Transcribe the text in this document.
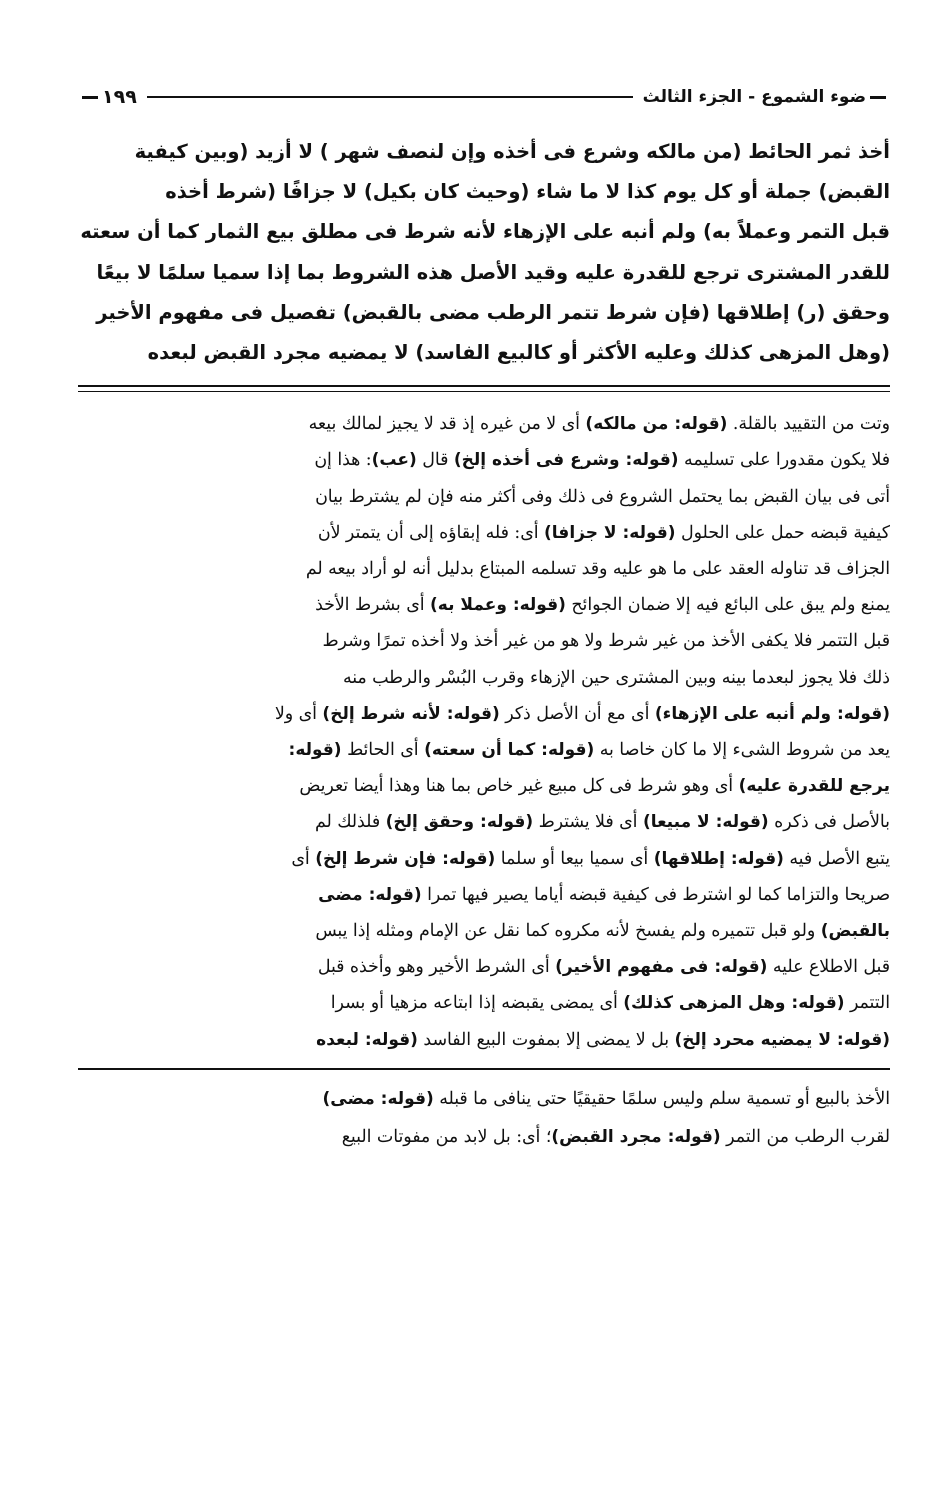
ضوء الشموع - الجزء الثالث
١٩٩
أخذ ثمر الحائط (من مالكه وشرع فى أخذه وإن لنصف شهر ) لا أزيد (وبين كيفية
القبض) جملة أو كل يوم كذا لا ما شاء (وحيث كان بكيل) لا جزافًا (شرط أخذه
قبل التمر وعملاً به) ولم أنبه على الإزهاء لأنه شرط فى مطلق بيع الثمار كما أن سعته
للقدر المشترى ترجع للقدرة عليه وقيد الأصل هذه الشروط بما إذا سميا سلمًا لا بيعًا
وحقق (ر) إطلاقها (فإن شرط تتمر الرطب مضى بالقبض) تفصيل فى مفهوم الأخير
(وهل المزهى كذلك وعليه الأكثر أو كالبيع الفاسد) لا يمضيه مجرد القبض لبعده
وتت من التقييد بالقلة. (قوله: من مالكه) أى لا من غيره إذ قد لا يجيز لمالك بيعه
فلا يكون مقدورا على تسليمه (قوله: وشرع فى أخذه إلخ) قال (عب): هذا إن
أتى فى بيان القبض بما يحتمل الشروع فى ذلك وفى أكثر منه فإن لم يشترط بيان
كيفية قبضه حمل على الحلول (قوله: لا جزافا) أى: فله إبقاؤه إلى أن يتمتر لأن
الجزاف قد تناوله العقد على ما هو عليه وقد تسلمه المبتاع بدليل أنه لو أراد بيعه لم
يمنع ولم يبق على البائع فيه إلا ضمان الجوائح (قوله: وعملا به) أى بشرط الأخذ
قبل التتمر فلا يكفى الأخذ من غير شرط ولا هو من غير أخذ ولا أخذه تمرًا وشرط
ذلك فلا يجوز لبعدما بينه وبين المشترى حين الإزهاء وقرب البُسْر والرطب منه
(قوله: ولم أنبه على الإزهاء) أى مع أن الأصل ذكر (قوله: لأنه شرط إلخ) أى ولا
يعد من شروط الشىء إلا ما كان خاصا به (قوله: كما أن سعته) أى الحائط (قوله:
يرجع للقدرة عليه) أى وهو شرط فى كل مبيع غير خاص بما هنا وهذا أيضا تعريض
بالأصل فى ذكره (قوله: لا مبيعا) أى فلا يشترط (قوله: وحقق إلخ) فلذلك لم
يتبع الأصل فيه (قوله: إطلاقها) أى سميا بيعا أو سلما (قوله: فإن شرط إلخ) أى
صريحا والتزاما كما لو اشترط فى كيفية قبضه أياما يصير فيها تمرا (قوله: مضى
بالقبض) ولو قبل تتميره ولم يفسخ لأنه مكروه كما نقل عن الإمام ومثله إذا يبس
قبل الاطلاع عليه (قوله: فى مفهوم الأخير) أى الشرط الأخير وهو وأخذه قبل
التتمر (قوله: وهل المزهى كذلك) أى يمضى يقبضه إذا ابتاعه مزهيا أو بسرا
(قوله: لا يمضيه محرد إلخ) بل لا يمضى إلا بمفوت البيع الفاسد (قوله: لبعده
الأخذ بالبيع أو تسمية سلم وليس سلمًا حقيقيًا حتى ينافى ما قبله (قوله: مضى)
لقرب الرطب من التمر (قوله: مجرد القبض)؛ أى: بل لابد من مفوتات البيع
